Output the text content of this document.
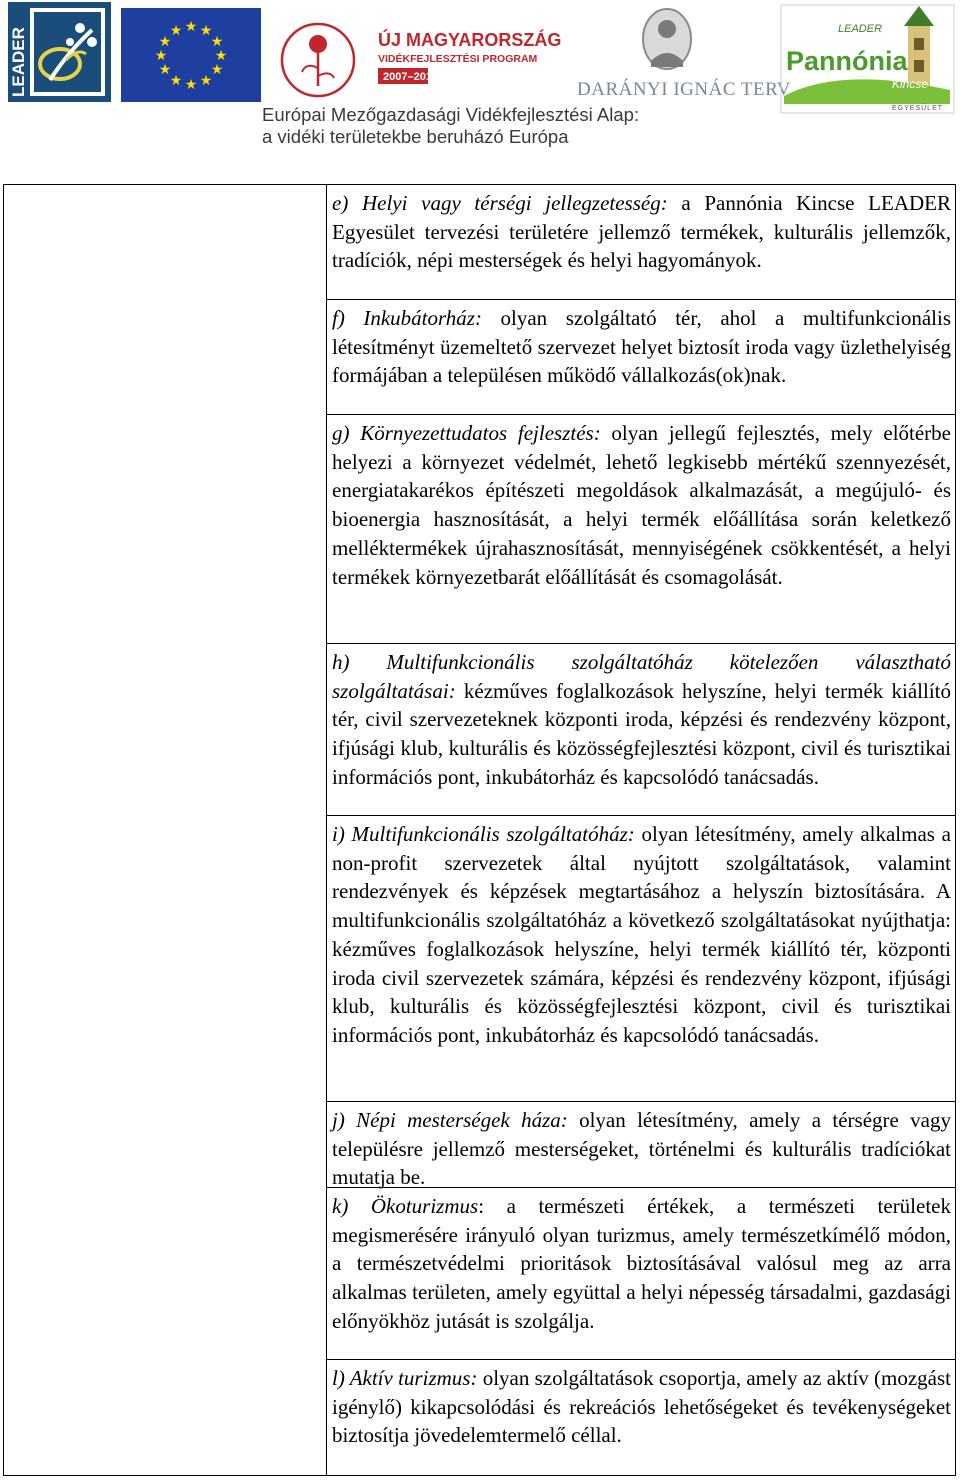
LEADER
★ ★
★
★
★
★
★
★
★
★
★
★	ÚJ MAGYARORSZÁG
VIDÉKFEJLESZTÉSI PROGRAM
2007–2013
DARÁNYI IGNÁC TERV
LEADER
Pannónia
Kincse
EGYESÜLET
Európai Mezőgazdasági Vidékfejlesztési Alap:
a vidéki területekbe beruházó Európa

e) Helyi vagy térségi jellegzetesség: a Pannónia Kincse LEADER Egyesület tervezési területére jellemző termékek, kulturális jellemzők, tradíciók, népi mesterségek és helyi hagyományok.

f) Inkubátorház: olyan szolgáltató tér, ahol a multifunkcionális létesítményt üzemeltető szervezet helyet biztosít iroda vagy üzlethelyiség formájában a településen működő vállalkozás(ok)nak.

g) Környezettudatos fejlesztés: olyan jellegű fejlesztés, mely előtérbe helyezi a környezet védelmét, lehető legkisebb mértékű szennyezését, energiatakarékos építészeti megoldások alkalmazását, a megújuló- és bioenergia hasznosítását, a helyi termék előállítása során keletkező melléktermékek újrahasznosítását, mennyiségének csökkentését, a helyi termékek környezetbarát előállítását és csomagolását.

h) Multifunkcionális szolgáltatóház kötelezően választható szolgáltatásai: kézműves foglalkozások helyszíne, helyi termék kiállító tér, civil szervezeteknek központi iroda, képzési és rendezvény központ, ifjúsági klub, kulturális és közösségfejlesztési központ, civil és turisztikai információs pont, inkubátorház és kapcsolódó tanácsadás.

i) Multifunkcionális szolgáltatóház: olyan létesítmény, amely alkalmas a non-profit szervezetek által nyújtott szolgáltatások, valamint rendezvények és képzések megtartásához a helyszín biztosítására. A multifunkcionális szolgáltatóház a következő szolgáltatásokat nyújthatja: kézműves foglalkozások helyszíne, helyi termék kiállító tér, központi iroda civil szervezetek számára, képzési és rendezvény központ, ifjúsági klub, kulturális és közösségfejlesztési központ, civil és turisztikai információs pont, inkubátorház és kapcsolódó tanácsadás.

j) Népi mesterségek háza: olyan létesítmény, amely a térségre vagy településre jellemző mesterségeket, történelmi és kulturális tradíciókat mutatja be.

k) Ökoturizmus: a természeti értékek, a természeti területek megismerésére irányuló olyan turizmus, amely természetkímélő módon, a természetvédelmi prioritások biztosításával valósul meg az arra alkalmas területen, amely együttal a helyi népesség társadalmi, gazdasági előnyökhöz jutását is szolgálja.

l) Aktív turizmus: olyan szolgáltatások csoportja, amely az aktív (mozgást igénylő) kikapcsolódási és rekreációs lehetőségeket és tevékenységeket biztosítja jövedelemtermelő céllal.
